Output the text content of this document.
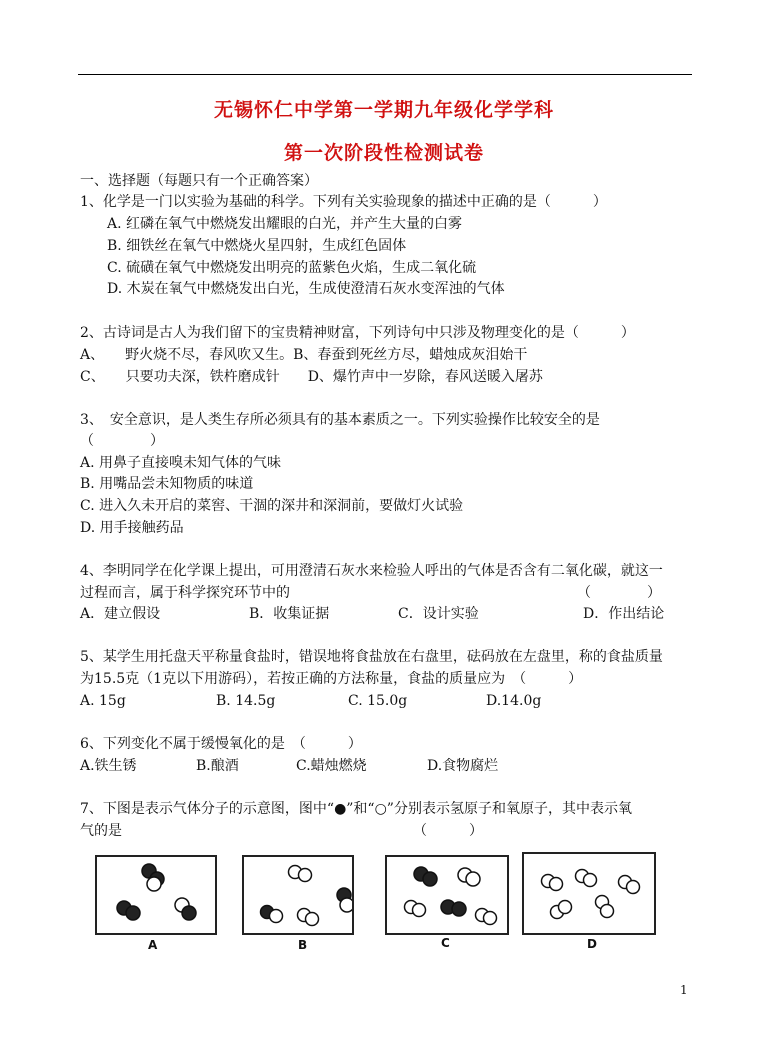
无锡怀仁中学第一学期九年级化学学科
第一次阶段性检测试卷
一、选择题（每题只有一个正确答案）
1、化学是一门以实验为基础的科学。下列有关实验现象的描述中正确的是（　　　）
A. 红磷在氧气中燃烧发出耀眼的白光，并产生大量的白雾
B. 细铁丝在氧气中燃烧火星四射，生成红色固体
C. 硫磺在氧气中燃烧发出明亮的蓝紫色火焰，生成二氧化硫
D. 木炭在氧气中燃烧发出白光，生成使澄清石灰水变浑浊的气体
2、古诗词是古人为我们留下的宝贵精神财富，下列诗句中只涉及物理变化的是（　　　）
A、　　野火烧不尽，春风吹又生。B、春蚕到死丝方尽，蜡烛成灰泪始干
C、　　只要功夫深，铁杵磨成针　　D、爆竹声中一岁除，春风送暖入屠苏
3、　安全意识，是人类生存所必须具有的基本素质之一。下列实验操作比较安全的是
（　　　　）
A. 用鼻子直接嗅未知气体的气味
B. 用嘴品尝未知物质的味道
C. 进入久未开启的菜窖、干涸的深井和深洞前，要做灯火试验
D. 用手接触药品
4、李明同学在化学课上提出，可用澄清石灰水来检验人呼出的气体是否含有二氧化碳，就这一
过程而言，属于科学探究环节中的	（　　　　）
A．建立假设	B．收集证据	C．设计实验	D．作出结论
5、某学生用托盘天平称量食盐时，错误地将食盐放在右盘里，砝码放在左盘里，称的食盐质量
为15.5克（1克以下用游码），若按正确的方法称量，食盐的质量应为　（　　　）
A. 15g	B. 14.5g	C. 15.0g	D.14.0g
6、下列变化不属于缓慢氧化的是　（　　　）
A.铁生锈	B.酿酒	C.蜡烛燃烧	D.食物腐烂
7、下图是表示气体分子的示意图，图中“●”和“○”分别表示氢原子和氧原子，其中表示氧
气的是	（　　　）
A	B	C	D
1
